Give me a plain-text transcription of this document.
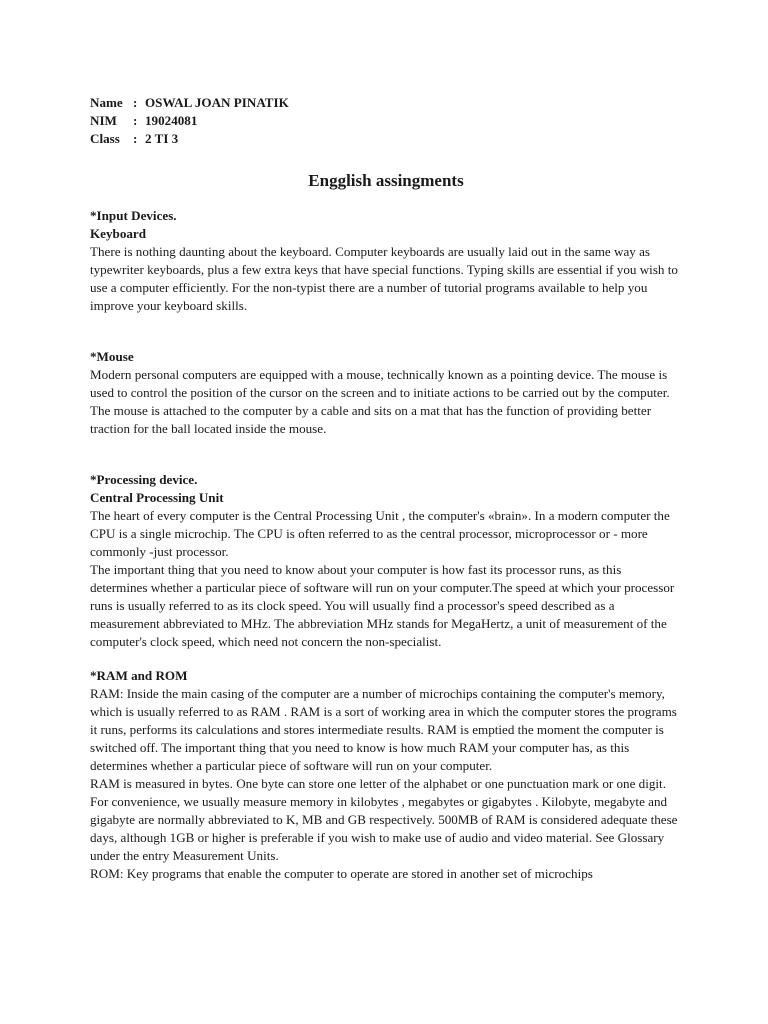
Name : OSWAL JOAN PINATIK
NIM	: 19024081
Class	: 2 TI 3
Engglish assingments
*Input Devices.
Keyboard

There is nothing daunting about the keyboard. Computer keyboards are usually laid out in the same way as typewriter keyboards, plus a few extra keys that have special functions. Typing skills are essential if you wish to use a computer efficiently. For the non-typist there are a number of tutorial programs available to help you improve your keyboard skills.

*Mouse

Modern personal computers are equipped with a mouse, technically known as a pointing device. The mouse is used to control the position of the cursor on the screen and to initiate actions to be carried out by the computer. The mouse is attached to the computer by a cable and sits on a mat that has the function of providing better traction for the ball located inside the mouse.

*Processing device.
Central Processing Unit

The heart of every computer is the Central Processing Unit , the computer's «brain». In a modern computer the CPU is a single microchip. The CPU is often referred to as the central processor, microprocessor or - more commonly -just processor.

The important thing that you need to know about your computer is how fast its processor runs, as this determines whether a particular piece of software will run on your computer.The speed at which your processor runs is usually referred to as its clock speed. You will usually find a processor's speed described as a measurement abbreviated to MHz. The abbreviation MHz stands for MegaHertz, a unit of measurement of the computer's clock speed, which need not concern the non-specialist.

*RAM and ROM

RAM: Inside the main casing of the computer are a number of microchips containing the computer's memory, which is usually referred to as RAM . RAM is a sort of working area in which the computer stores the programs it runs, performs its calculations and stores intermediate results. RAM is emptied the moment the computer is switched off. The important thing that you need to know is how much RAM your computer has, as this determines whether a particular piece of software will run on your computer.

RAM is measured in bytes. One byte can store one letter of the alphabet or one punctuation mark or one digit. For convenience, we usually measure memory in kilobytes , megabytes or gigabytes . Kilobyte, megabyte and gigabyte are normally abbreviated to K, MB and GB respectively. 500MB of RAM is considered adequate these days, although 1GB or higher is preferable if you wish to make use of audio and video material. See Glossary under the entry Measurement Units.

ROM: Key programs that enable the computer to operate are stored in another set of microchips
